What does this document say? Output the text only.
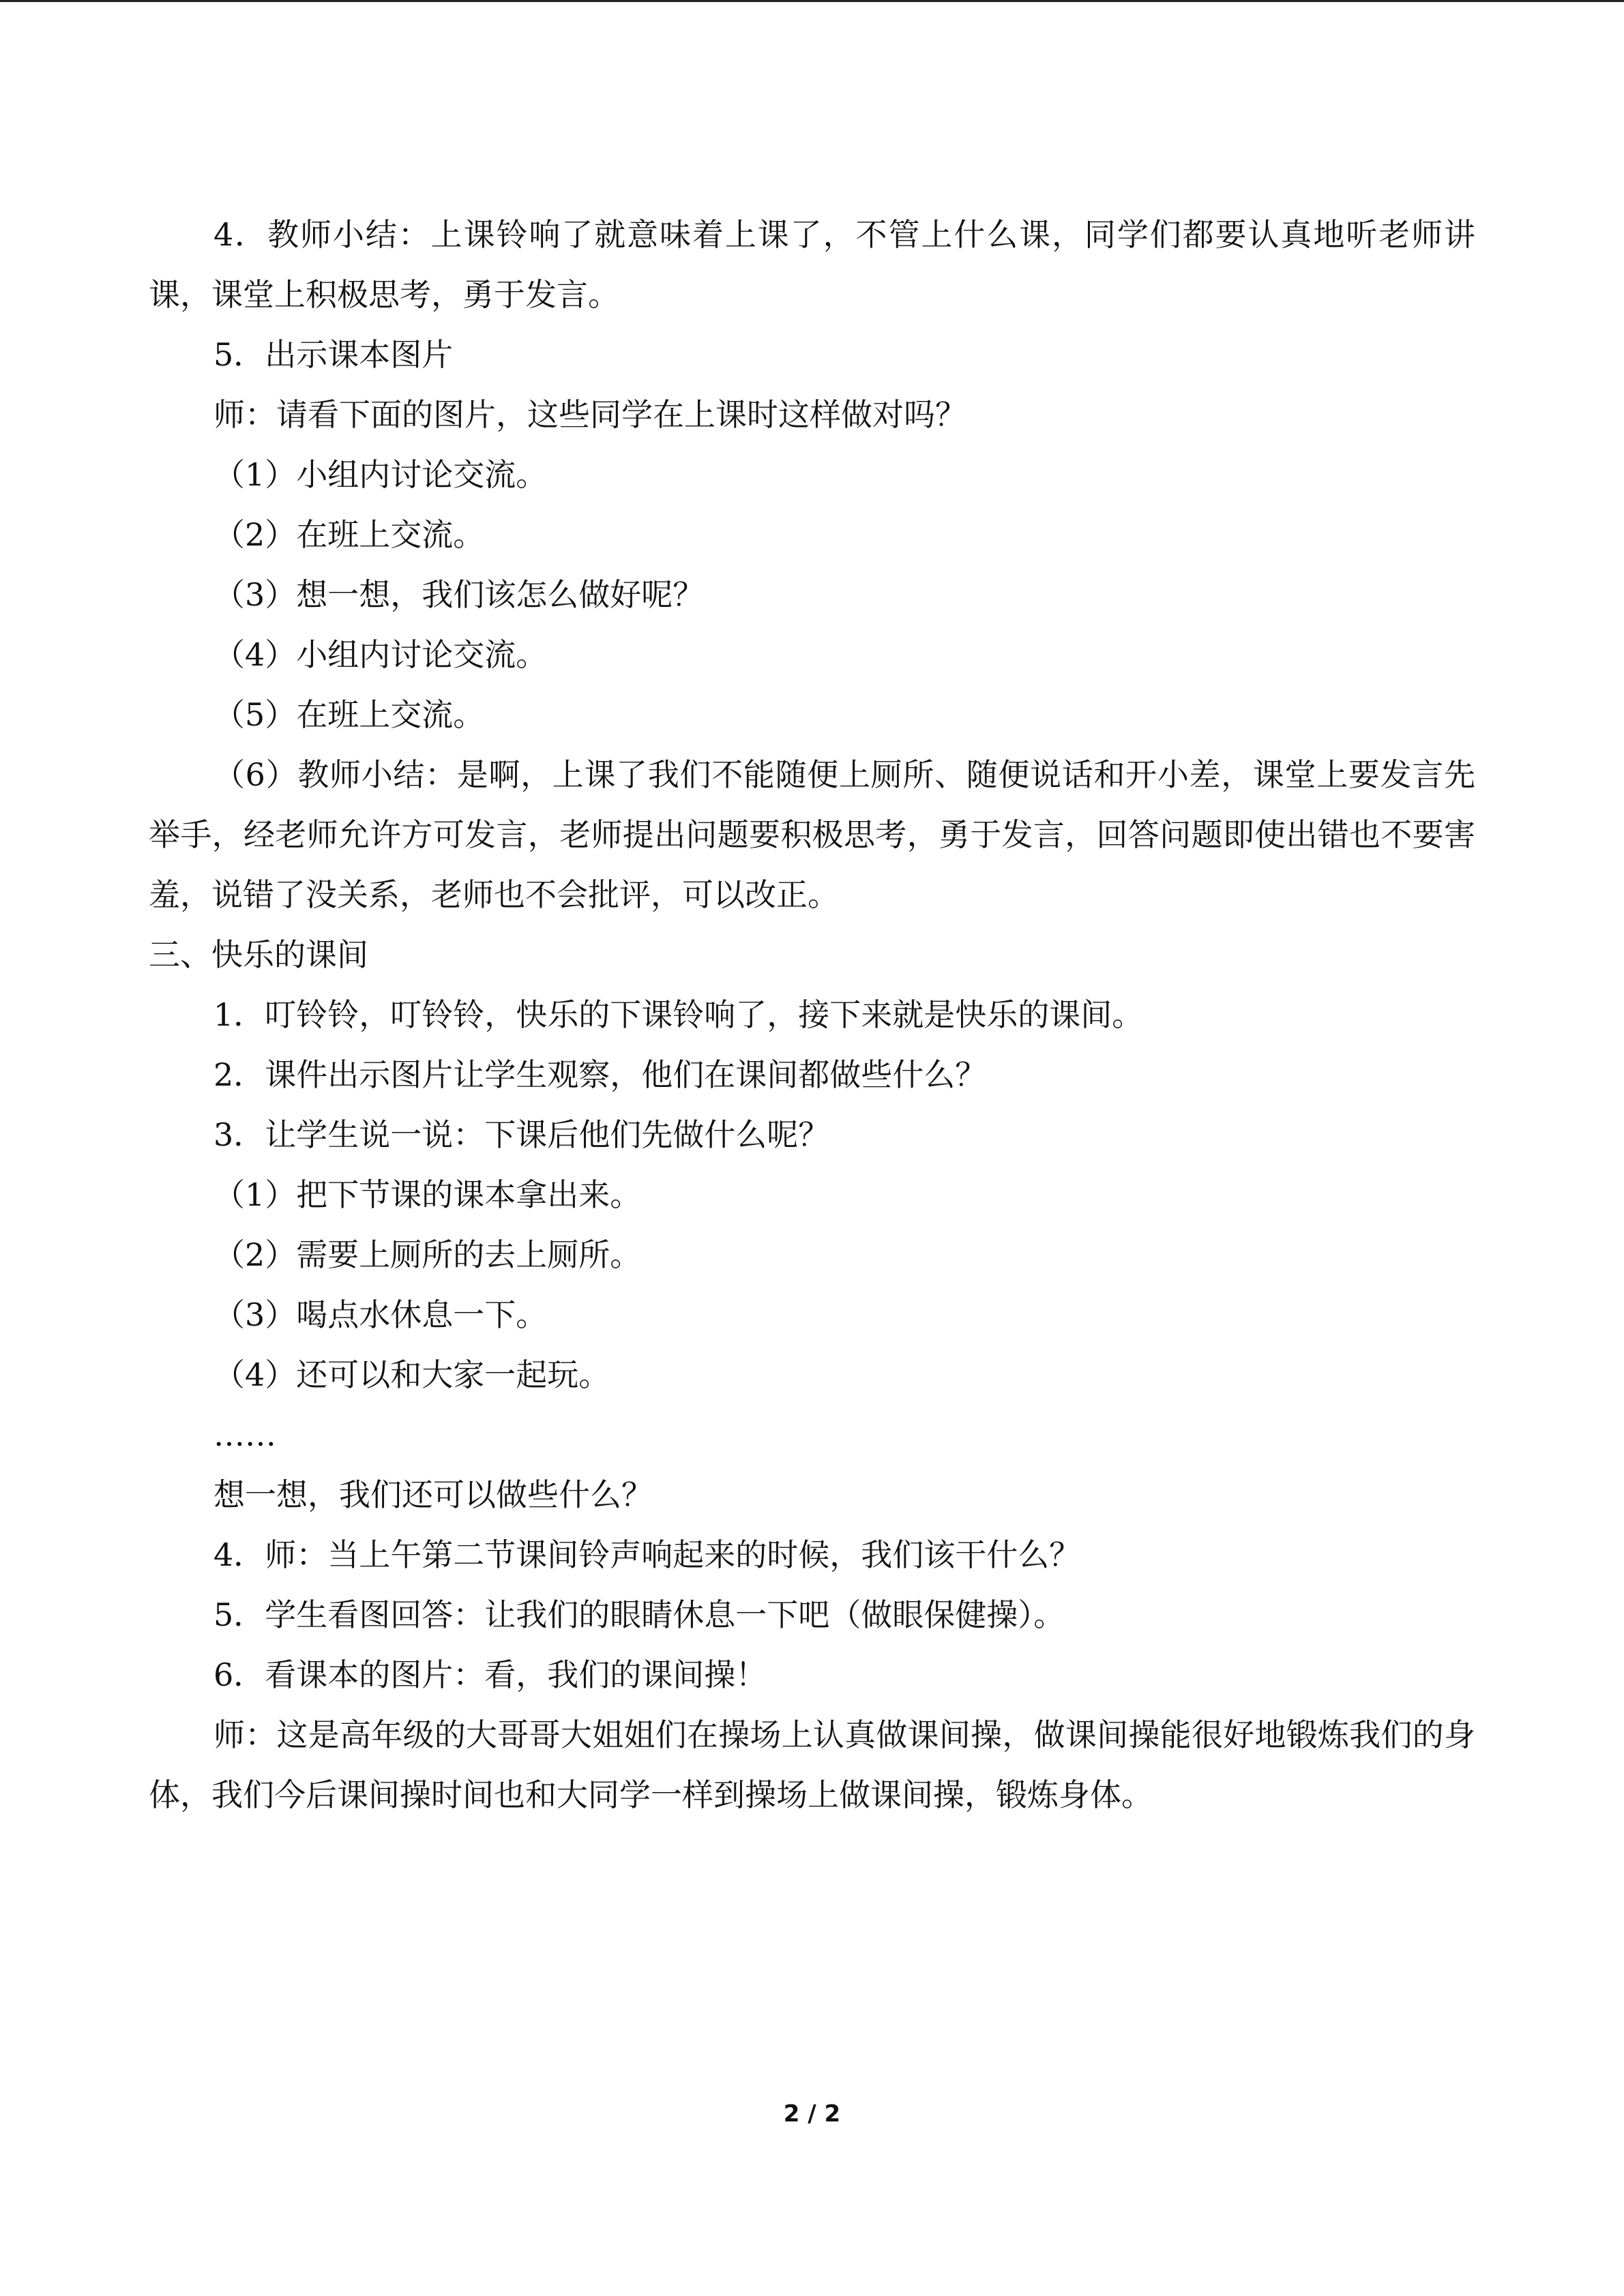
4．教师小结：上课铃响了就意味着上课了，不管上什么课，同学们都要认真地听老师讲课，课堂上积极思考，勇于发言。

5．出示课本图片

师：请看下面的图片，这些同学在上课时这样做对吗？

（1）小组内讨论交流。

（2）在班上交流。

（3）想一想，我们该怎么做好呢？

（4）小组内讨论交流。

（5）在班上交流。

（6）教师小结：是啊，上课了我们不能随便上厕所、随便说话和开小差，课堂上要发言先举手，经老师允许方可发言，老师提出问题要积极思考，勇于发言，回答问题即使出错也不要害羞，说错了没关系，老师也不会批评，可以改正。

三、快乐的课间

1．叮铃铃，叮铃铃，快乐的下课铃响了，接下来就是快乐的课间。

2．课件出示图片让学生观察，他们在课间都做些什么？

3．让学生说一说：下课后他们先做什么呢？

（1）把下节课的课本拿出来。

（2）需要上厕所的去上厕所。

（3）喝点水休息一下。

（4）还可以和大家一起玩。

……

想一想，我们还可以做些什么？

4．师：当上午第二节课间铃声响起来的时候，我们该干什么？

5．学生看图回答：让我们的眼睛休息一下吧（做眼保健操）。

6．看课本的图片：看，我们的课间操！

师：这是高年级的大哥哥大姐姐们在操场上认真做课间操，做课间操能很好地锻炼我们的身体，我们今后课间操时间也和大同学一样到操场上做课间操，锻炼身体。

2 / 2
